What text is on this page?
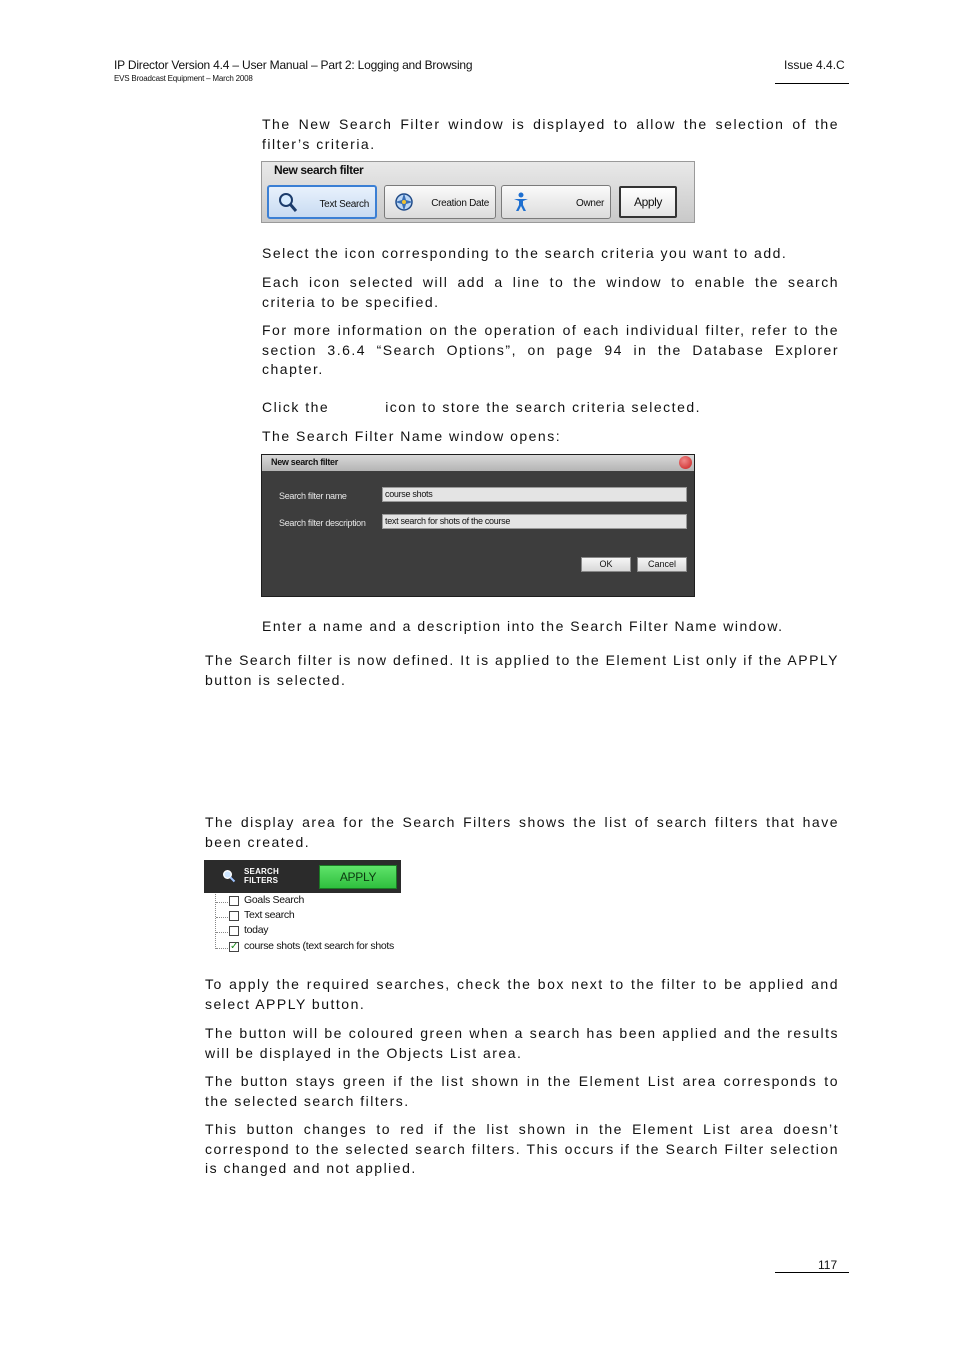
IP Director Version 4.4 – User Manual – Part 2: Logging and Browsing
EVS Broadcast Equipment – March 2008
Issue 4.4.C

The New Search Filter window is displayed to allow the selection of the filter’s criteria.

New search filter
Text Search	Creation Date	Owner	Apply

Select the icon corresponding to the search criteria you want to add.

Each icon selected will add a line to the window to enable the search criteria to be specified.

For more information on the operation of each individual filter, refer to the section 3.6.4 “Search Options”, on page 94 in the Database Explorer chapter.

Click the	icon to store the search criteria selected.

The Search Filter Name window opens:

New search filter
Search filter name	course shots
Search filter description	text search for shots of the course
OK	Cancel

Enter a name and a description into the Search Filter Name window.

The Search filter is now defined. It is applied to the Element List only if the APPLY button is selected.

The display area for the Search Filters shows the list of search filters that have been created.

SEARCH
FILTERS	APPLY
Goals Search
Text search
today
✓ course shots (text search for shots

To apply the required searches, check the box next to the filter to be applied and select APPLY button.

The button will be coloured green when a search has been applied and the results will be displayed in the Objects List area.

The button stays green if the list shown in the Element List area corresponds to the selected search filters.

This button changes to red if the list shown in the Element List area doesn’t correspond to the selected search filters. This occurs if the Search Filter selection is changed and not applied.

117
